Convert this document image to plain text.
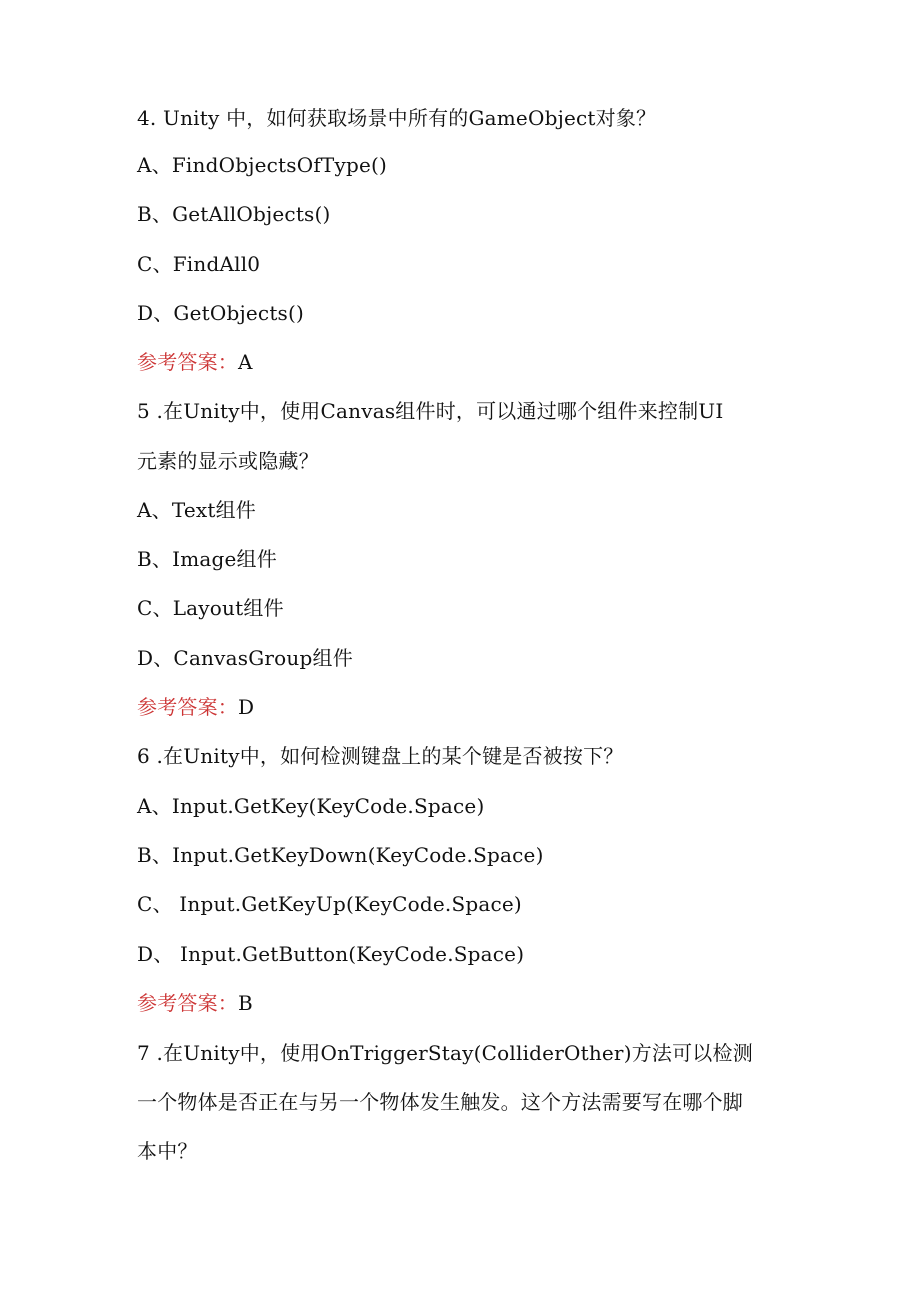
4. Unity 中，如何获取场景中所有的GameObject对象？
A、FindObjectsOfType()
B、GetAllObjects()
C、FindAll0
D、GetObjects()
参考答案：A
5 .在Unity中，使用Canvas组件时，可以通过哪个组件来控制UI
元素的显示或隐藏？
A、Text组件
B、Image组件
C、Layout组件
D、CanvasGroup组件
参考答案：D
6 .在Unity中，如何检测键盘上的某个键是否被按下？
A、Input.GetKey(KeyCode.Space)
B、Input.GetKeyDown(KeyCode.Space)
C、 Input.GetKeyUp(KeyCode.Space)
D、 Input.GetButton(KeyCode.Space)
参考答案：B
7 .在Unity中，使用OnTriggerStay(ColliderOther)方法可以检测
一个物体是否正在与另一个物体发生触发。这个方法需要写在哪个脚
本中？
